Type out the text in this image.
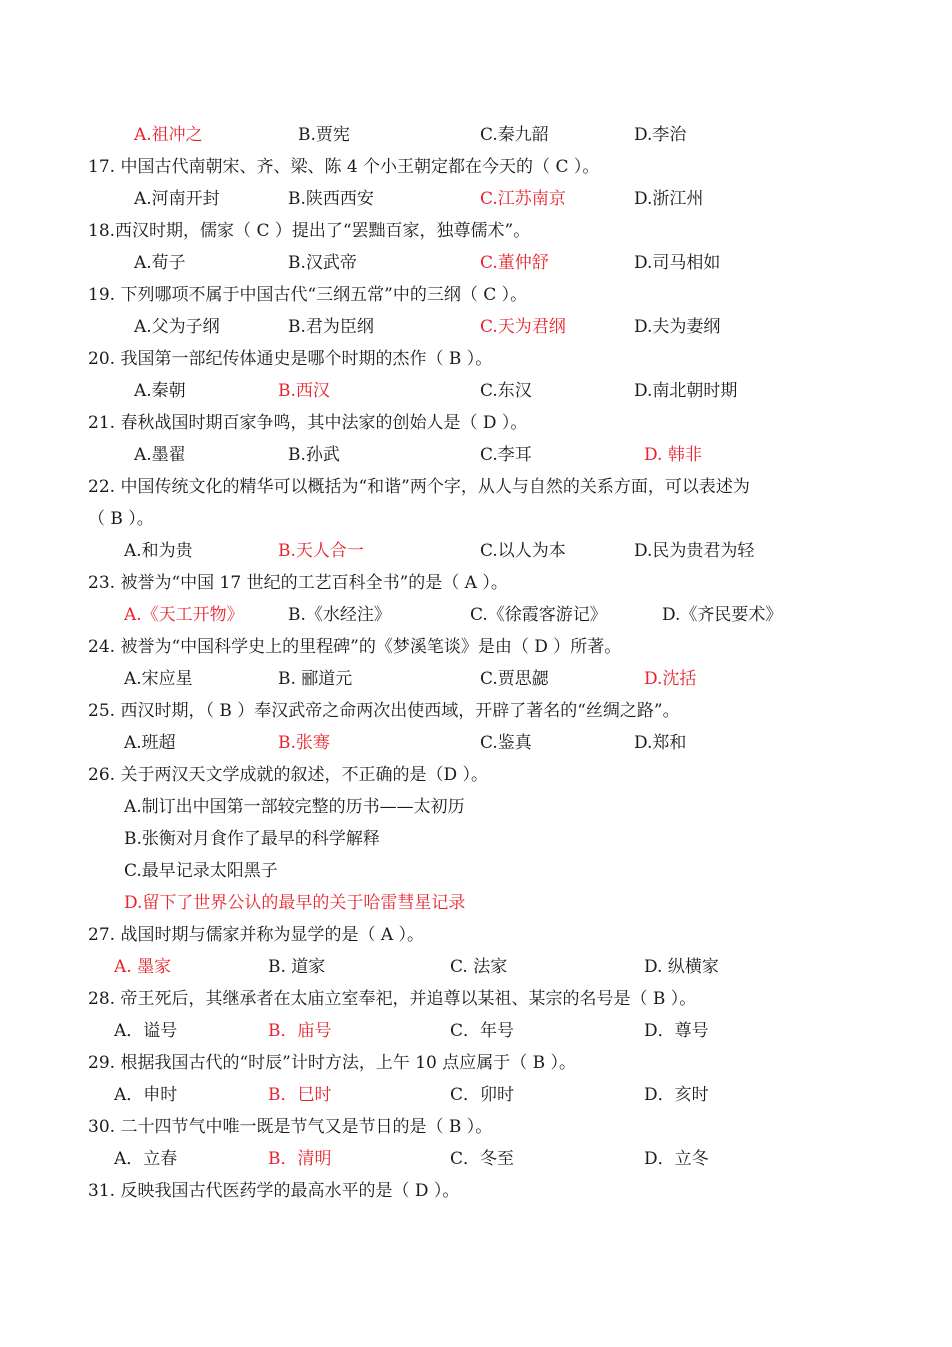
A.祖冲之	B.贾宪	C.秦九韶	D.李治
17. 中国古代南朝宋、齐、梁、陈 4 个小王朝定都在今天的（ C ）。
A.河南开封	B.陕西西安	C.江苏南京	D.浙江州
18.西汉时期，儒家（ C ）提出了“罢黜百家，独尊儒术”。
A.荀子	B.汉武帝	C.董仲舒	D.司马相如
19. 下列哪项不属于中国古代“三纲五常”中的三纲（ C ）。
A.父为子纲	B.君为臣纲	C.天为君纲	D.夫为妻纲
20. 我国第一部纪传体通史是哪个时期的杰作（ B ）。
A.秦朝	B.西汉	C.东汉	D.南北朝时期
21. 春秋战国时期百家争鸣，其中法家的创始人是（ D ）。
A.墨翟	B.孙武	C.李耳	D. 韩非
22. 中国传统文化的精华可以概括为“和谐”两个字，从人与自然的关系方面，可以表述为
（ B ）。
A.和为贵	B.天人合一	C.以人为本	D.民为贵君为轻
23. 被誉为“中国 17 世纪的工艺百科全书”的是（ A ）。
A.《天工开物》	B.《水经注》	C.《徐霞客游记》	D.《齐民要术》
24. 被誉为“中国科学史上的里程碑”的《梦溪笔谈》是由（ D ）所著。
A.宋应星	B. 郦道元	C.贾思勰	D.沈括
25. 西汉时期，（ B ）奉汉武帝之命两次出使西域，开辟了著名的“丝绸之路”。
A.班超	B.张骞	C.鉴真	D.郑和
26. 关于两汉天文学成就的叙述，不正确的是（D ）。
A.制订出中国第一部较完整的历书——太初历
B.张衡对月食作了最早的科学解释
C.最早记录太阳黑子
D.留下了世界公认的最早的关于哈雷彗星记录
27. 战国时期与儒家并称为显学的是（ A ）。
A. 墨家	B. 道家	C. 法家	D. 纵横家
28. 帝王死后，其继承者在太庙立室奉祀，并追尊以某祖、某宗的名号是（ B ）。
A．谥号	B．庙号	C．年号	D．尊号
29. 根据我国古代的“时辰”计时方法，上午 10 点应属于（ B ）。
A．申时	B．巳时	C．卯时	D．亥时
30. 二十四节气中唯一既是节气又是节日的是（ B ）。
A．立春	B．清明	C．冬至	D．立冬
31. 反映我国古代医药学的最高水平的是（ D ）。
